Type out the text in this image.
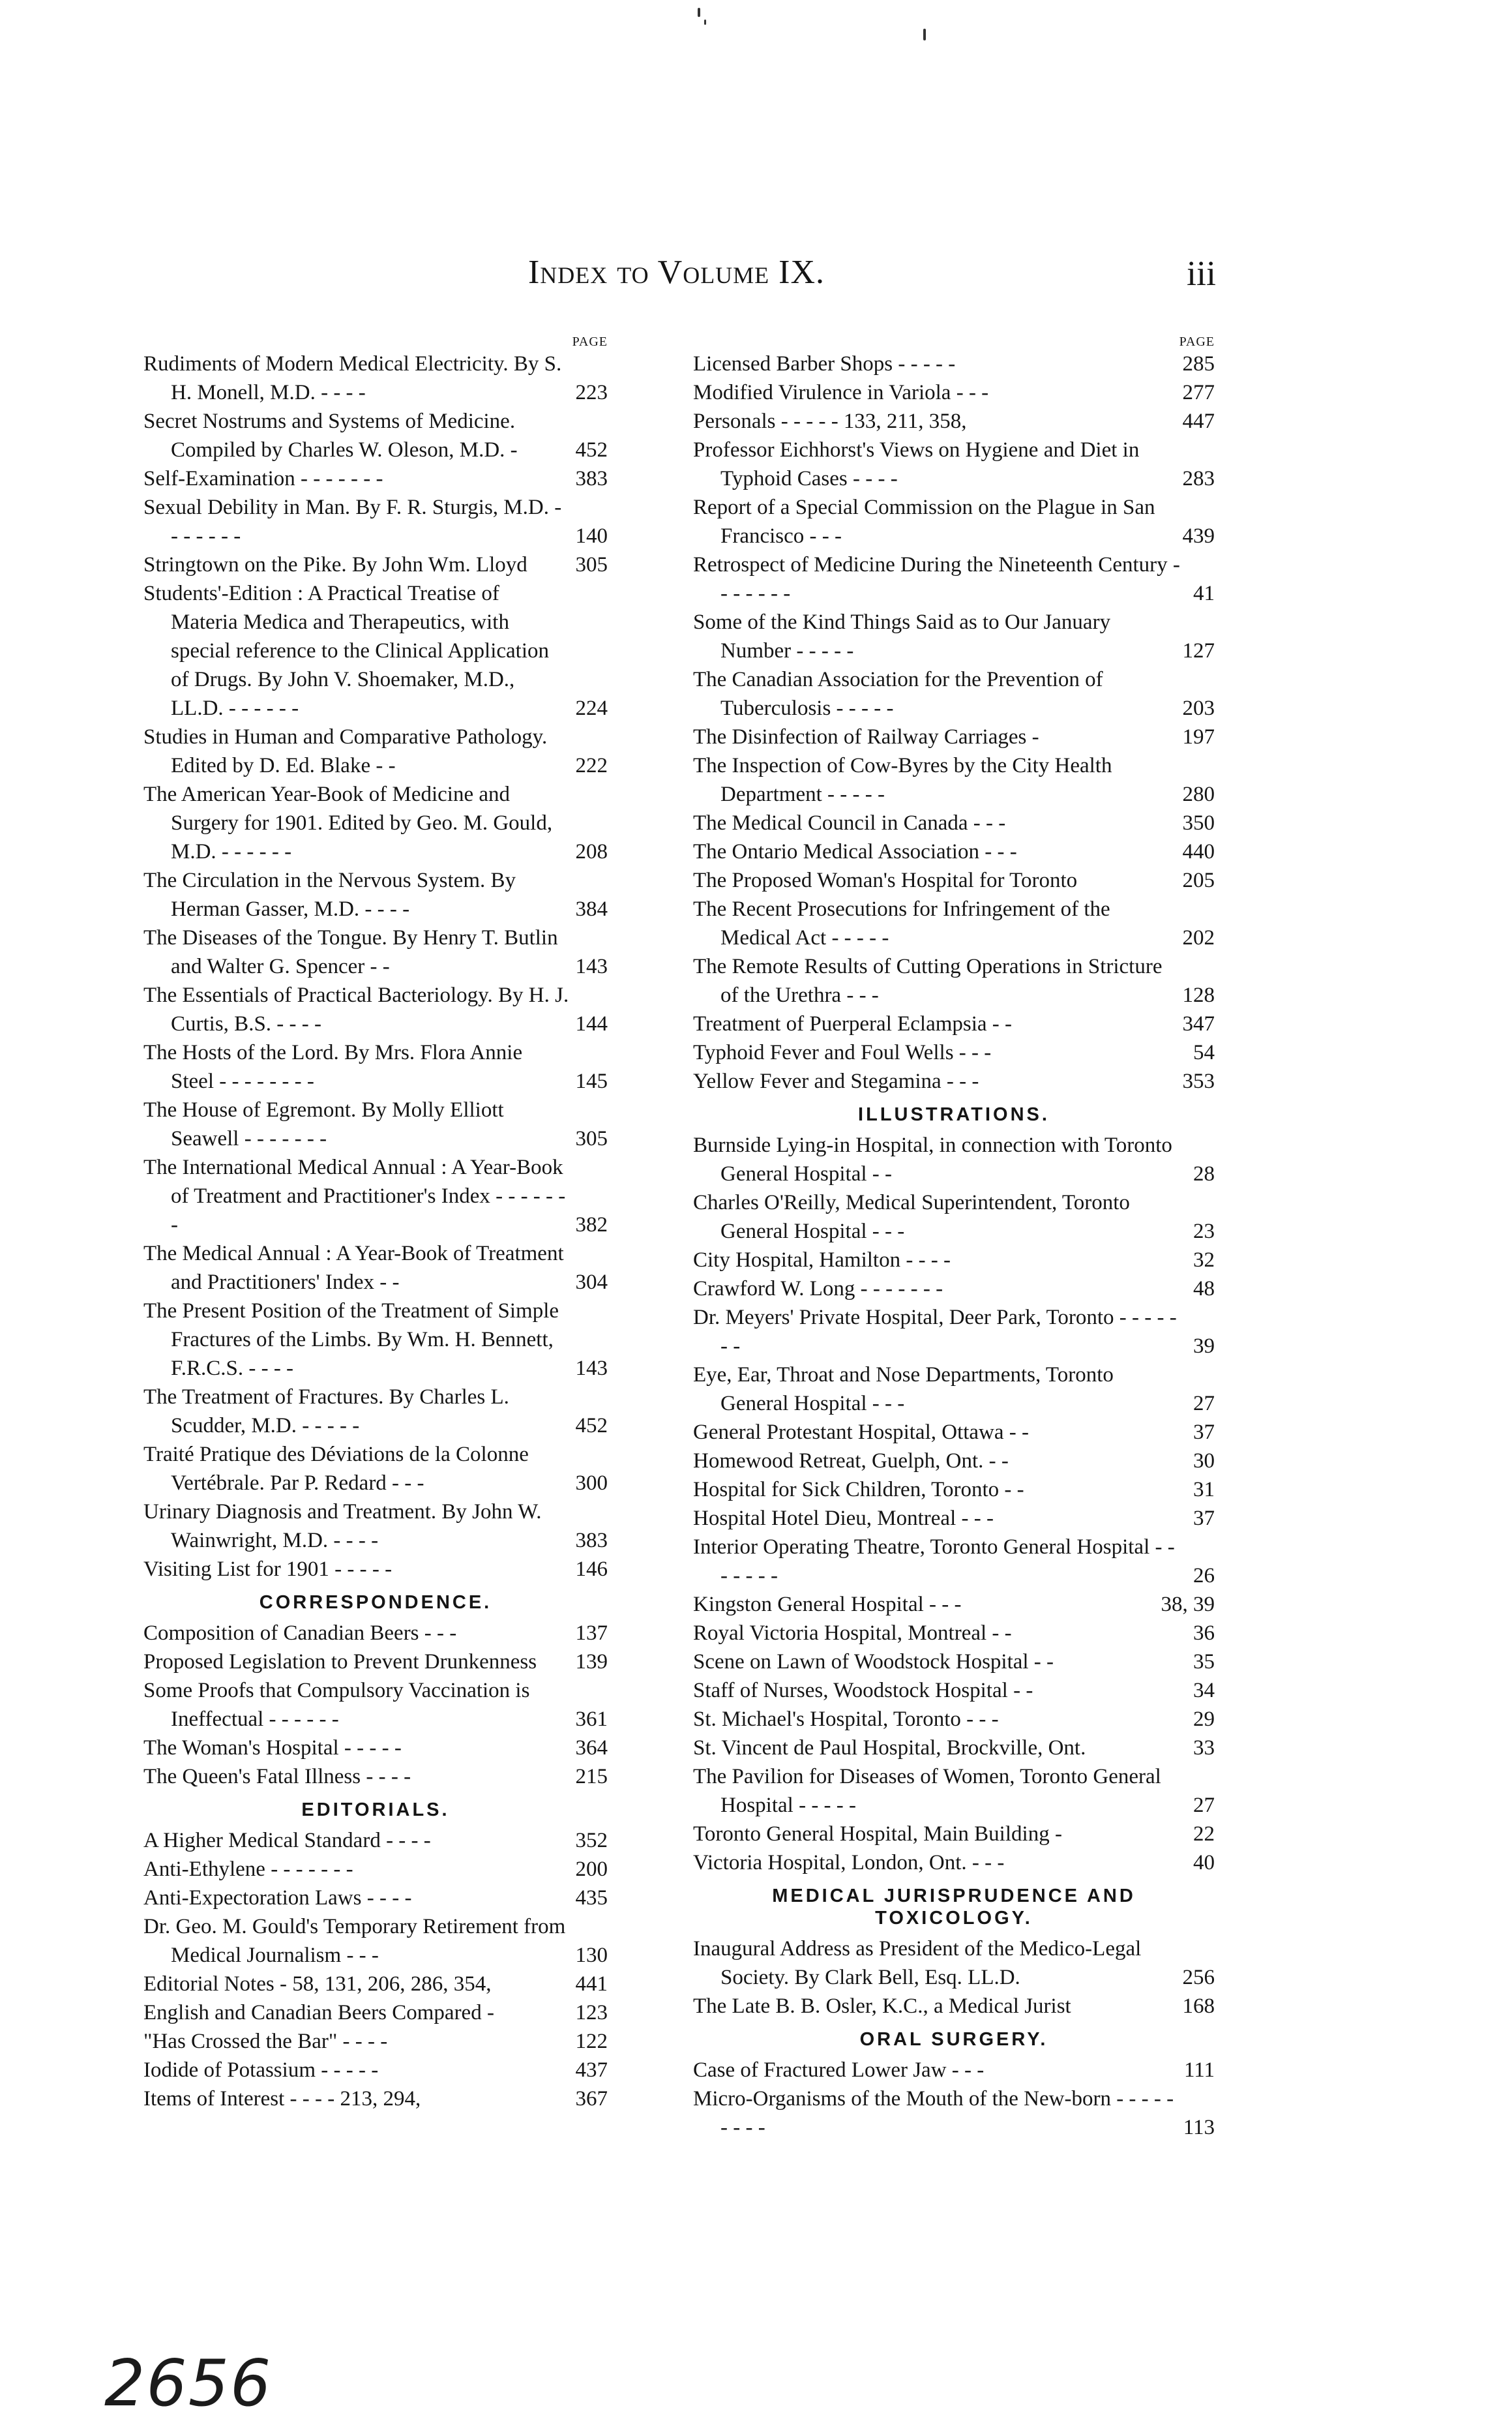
Index to Volume IX.	iii
PAGE
Rudiments of Modern Medical Electricity. By S. H. Monell, M.D. - - - -	223
Secret Nostrums and Systems of Medicine. Compiled by Charles W. Oleson, M.D. -	452
Self-Examination - - - - - - -	383
Sexual Debility in Man. By F. R. Sturgis, M.D. - - - - - - -	140
Stringtown on the Pike. By John Wm. Lloyd	305
Students'-Edition : A Practical Treatise of Materia Medica and Therapeutics, with special reference to the Clinical Application of Drugs. By John V. Shoemaker, M.D., LL.D. - - - - - -	224
Studies in Human and Comparative Pathology. Edited by D. Ed. Blake - -	222
The American Year-Book of Medicine and Surgery for 1901. Edited by Geo. M. Gould, M.D. - - - - - -	208
The Circulation in the Nervous System. By Herman Gasser, M.D. - - - -	384
The Diseases of the Tongue. By Henry T. Butlin and Walter G. Spencer - -	143
The Essentials of Practical Bacteriology. By H. J. Curtis, B.S. - - - -	144
The Hosts of the Lord. By Mrs. Flora Annie Steel - - - - - - - -	145
The House of Egremont. By Molly Elliott Seawell - - - - - - -	305
The International Medical Annual : A Year-Book of Treatment and Practitioner's Index - - - - - - -	382
The Medical Annual : A Year-Book of Treatment and Practitioners' Index - -	304
The Present Position of the Treatment of Simple Fractures of the Limbs. By Wm. H. Bennett, F.R.C.S. - - - -	143
The Treatment of Fractures. By Charles L. Scudder, M.D. - - - - -	452
Traité Pratique des Déviations de la Colonne Vertébrale. Par P. Redard - - -	300
Urinary Diagnosis and Treatment. By John W. Wainwright, M.D. - - - -	383
Visiting List for 1901 - - - - -	146
CORRESPONDENCE.
Composition of Canadian Beers - - -	137
Proposed Legislation to Prevent Drunkenness	139
Some Proofs that Compulsory Vaccination is Ineffectual - - - - - -	361
The Woman's Hospital - - - - -	364
The Queen's Fatal Illness - - - -	215
EDITORIALS.
A Higher Medical Standard - - - -	352
Anti-Ethylene - - - - - - -	200
Anti-Expectoration Laws - - - -	435
Dr. Geo. M. Gould's Temporary Retirement from Medical Journalism - - -	130
Editorial Notes - 58, 131, 206, 286, 354,	441
English and Canadian Beers Compared -	123
"Has Crossed the Bar" - - - -	122
Iodide of Potassium - - - - -	437
Items of Interest - - - - 213, 294,	367
PAGE
Licensed Barber Shops - - - - -	285
Modified Virulence in Variola - - -	277
Personals - - - - - 133, 211, 358,	447
Professor Eichhorst's Views on Hygiene and Diet in Typhoid Cases - - - -	283
Report of a Special Commission on the Plague in San Francisco - - -	439
Retrospect of Medicine During the Nineteenth Century - - - - - - -	41
Some of the Kind Things Said as to Our January Number - - - - -	127
The Canadian Association for the Prevention of Tuberculosis - - - - -	203
The Disinfection of Railway Carriages -	197
The Inspection of Cow-Byres by the City Health Department - - - - -	280
The Medical Council in Canada - - -	350
The Ontario Medical Association - - -	440
The Proposed Woman's Hospital for Toronto	205
The Recent Prosecutions for Infringement of the Medical Act - - - - -	202
The Remote Results of Cutting Operations in Stricture of the Urethra - - -	128
Treatment of Puerperal Eclampsia - -	347
Typhoid Fever and Foul Wells - - -	54
Yellow Fever and Stegamina - - -	353
ILLUSTRATIONS.
Burnside Lying-in Hospital, in connection with Toronto General Hospital - -	28
Charles O'Reilly, Medical Superintendent, Toronto General Hospital - - -	23
City Hospital, Hamilton - - - -	32
Crawford W. Long - - - - - - -	48
Dr. Meyers' Private Hospital, Deer Park, Toronto - - - - - - -	39
Eye, Ear, Throat and Nose Departments, Toronto General Hospital - - -	27
General Protestant Hospital, Ottawa - -	37
Homewood Retreat, Guelph, Ont. - -	30
Hospital for Sick Children, Toronto - -	31
Hospital Hotel Dieu, Montreal - - -	37
Interior Operating Theatre, Toronto General Hospital - - - - - - -	26
Kingston General Hospital - - -	38, 39
Royal Victoria Hospital, Montreal - -	36
Scene on Lawn of Woodstock Hospital - -	35
Staff of Nurses, Woodstock Hospital - -	34
St. Michael's Hospital, Toronto - - -	29
St. Vincent de Paul Hospital, Brockville, Ont.	33
The Pavilion for Diseases of Women, Toronto General Hospital - - - - -	27
Toronto General Hospital, Main Building -	22
Victoria Hospital, London, Ont. - - -	40
MEDICAL JURISPRUDENCE AND TOXICOLOGY.
Inaugural Address as President of the Medico-Legal Society. By Clark Bell, Esq. LL.D.	256
The Late B. B. Osler, K.C., a Medical Jurist	168
ORAL SURGERY.
Case of Fractured Lower Jaw - - -	111
Micro-Organisms of the Mouth of the New-born - - - - - - - - -	113
2656
